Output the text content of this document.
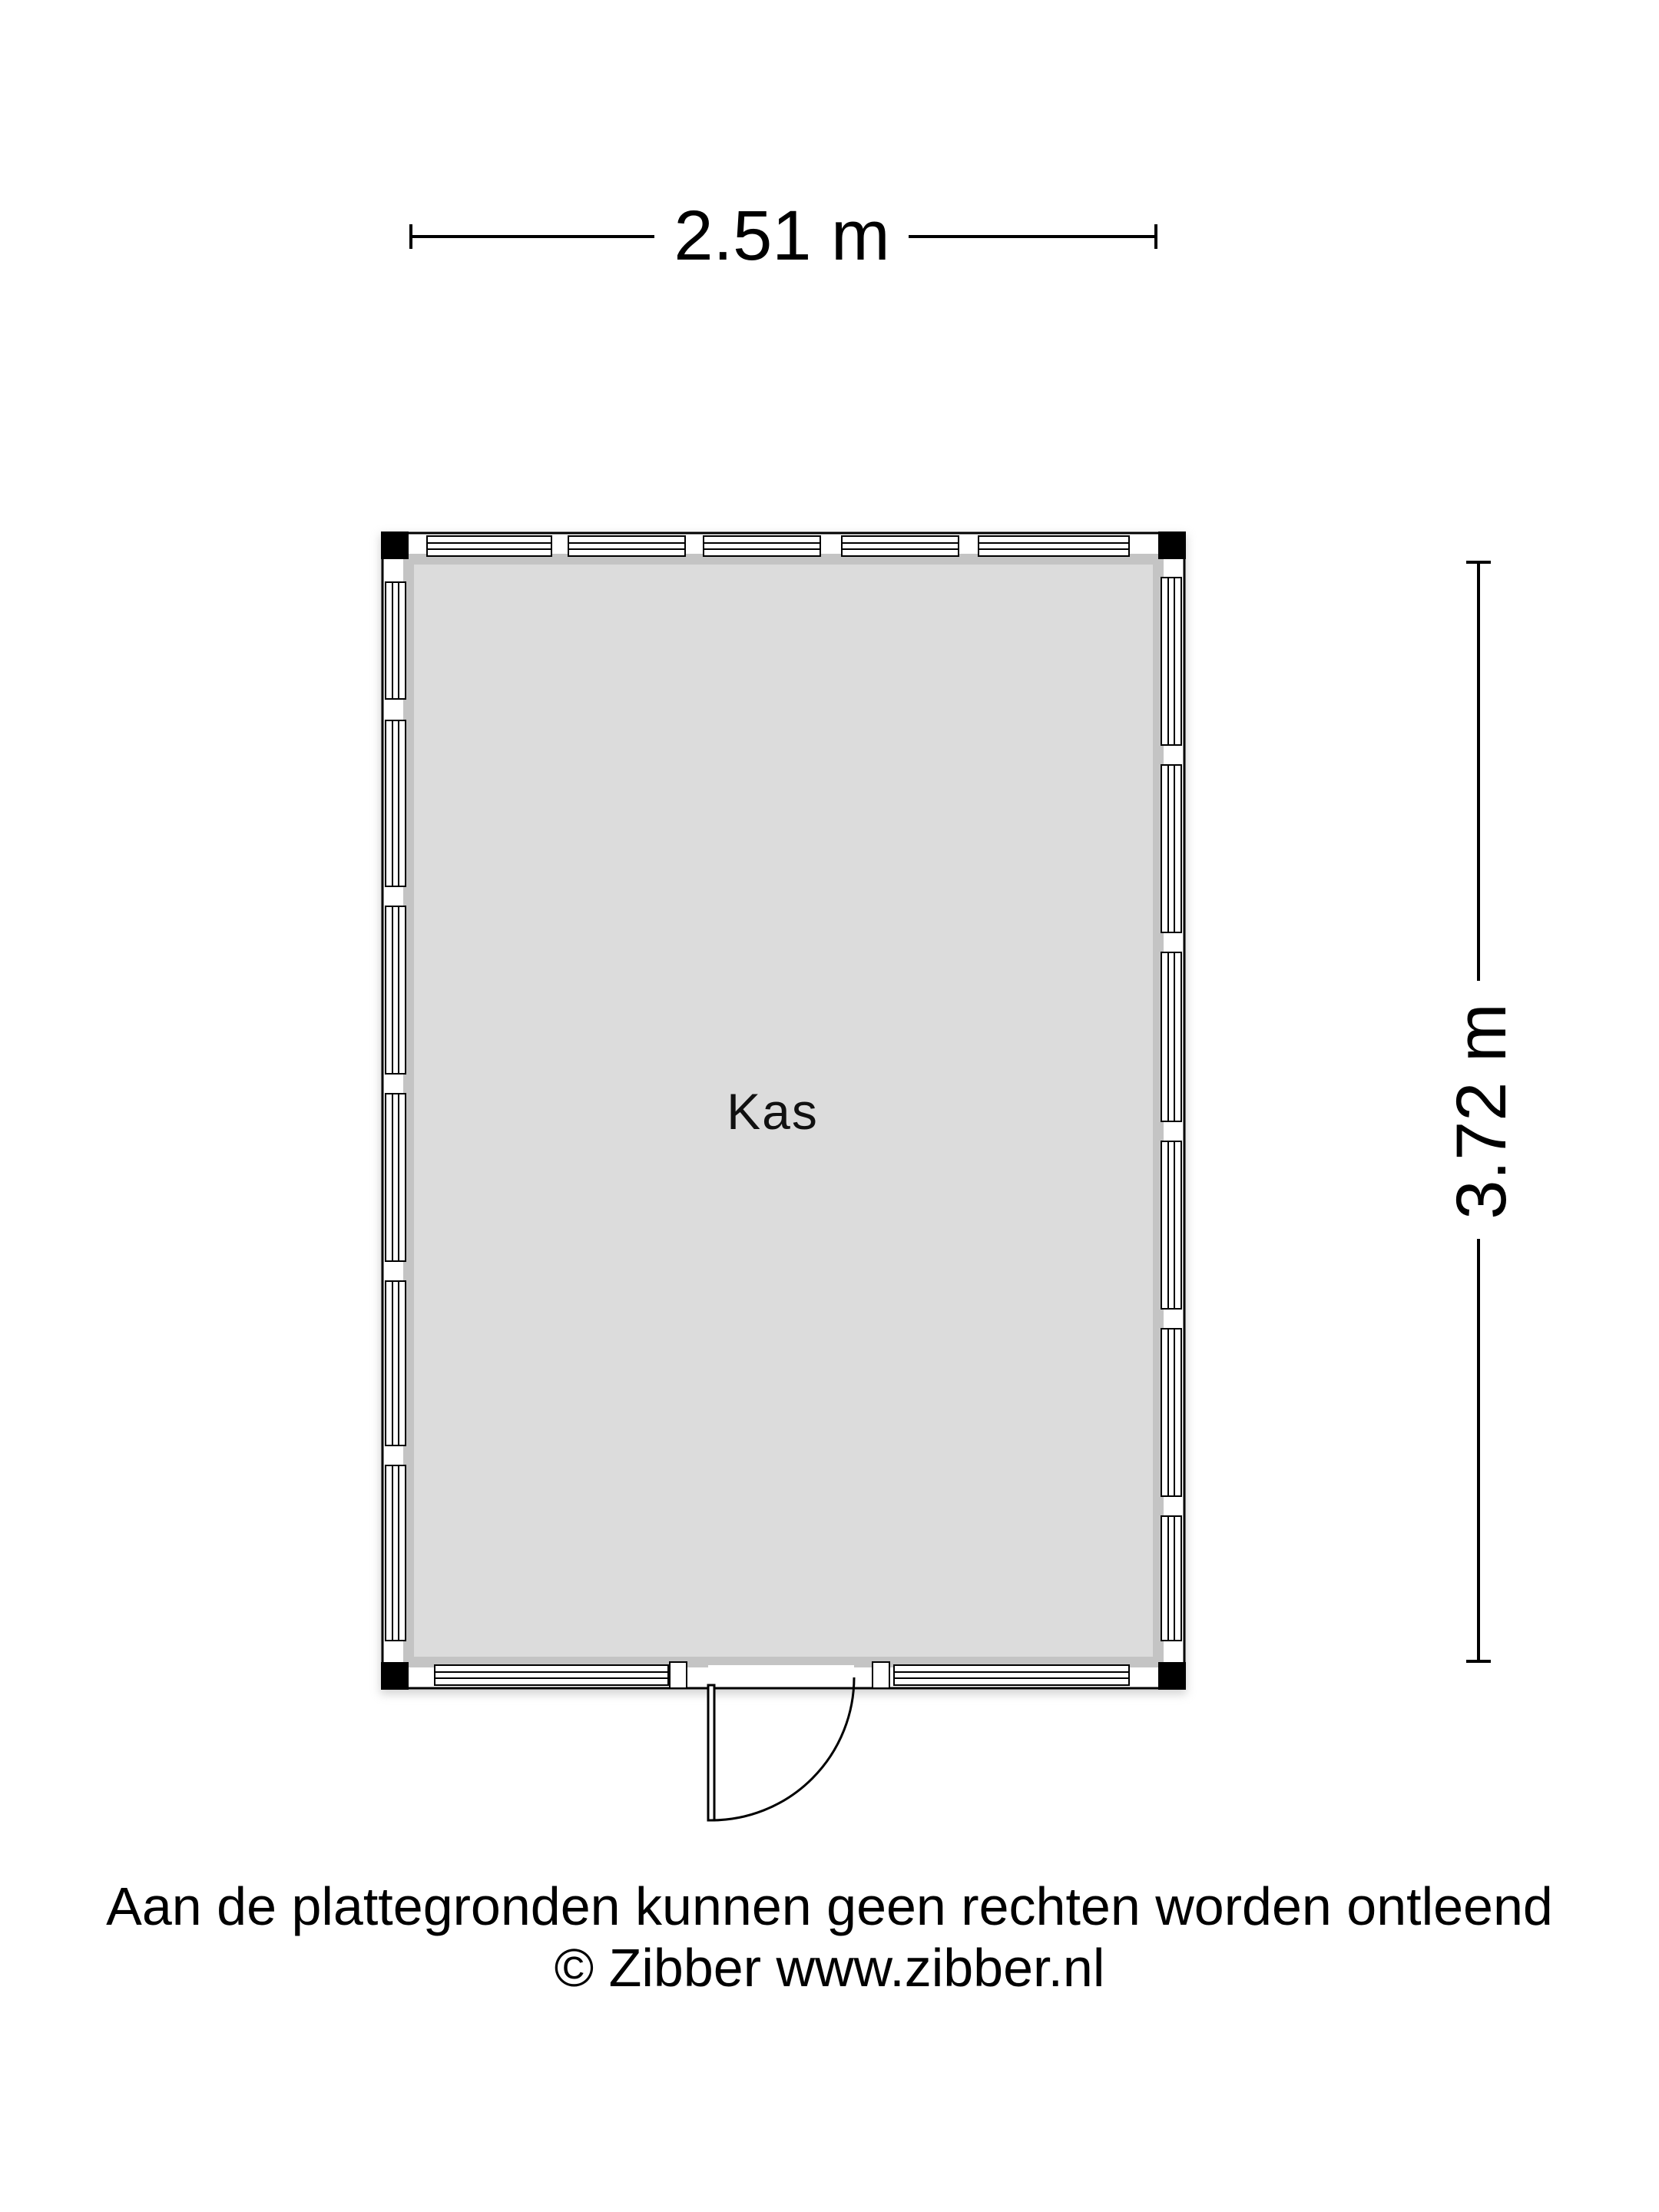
2.51 m
3.72 m
Kas
Aan de plattegronden kunnen geen rechten worden ontleend
© Zibber www.zibber.nl
